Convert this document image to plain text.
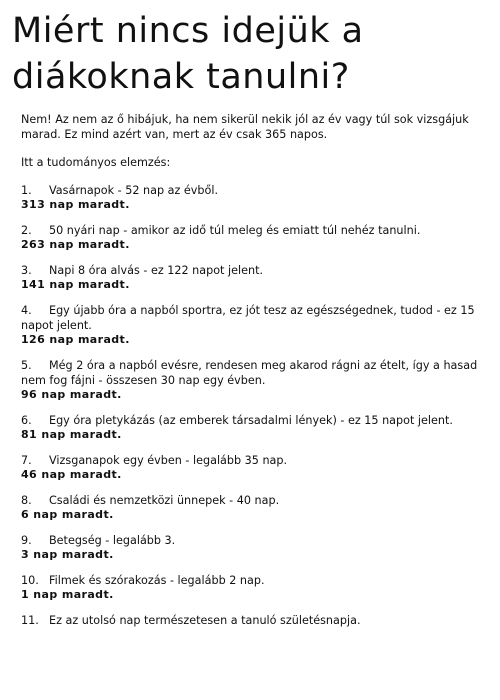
Miért nincs idejük a
diákoknak tanulni?

Nem! Az nem az ő hibájuk, ha nem sikerül nekik jól az év vagy túl sok vizsgájuk marad. Ez mind azért van, mert az év csak 365 napos.

Itt a tudományos elemzés:

1. Vasárnapok - 52 nap az évből.
313 nap maradt.
2. 50 nyári nap - amikor az idő túl meleg és emiatt túl nehéz tanulni.
263 nap maradt.
3. Napi 8 óra alvás - ez 122 napot jelent.
141 nap maradt.
4. Egy újabb óra a napból sportra, ez jót tesz az egészségednek, tudod - ez 15 napot jelent.
126 nap maradt.
5. Még 2 óra a napból evésre, rendesen meg akarod rágni az ételt, így a hasad nem fog fájni - összesen 30 nap egy évben.
96 nap maradt.
6. Egy óra pletykázás (az emberek társadalmi lények) - ez 15 napot jelent.
81 nap maradt.
7. Vizsganapok egy évben - legalább 35 nap.
46 nap maradt.
8. Családi és nemzetközi ünnepek - 40 nap.
6 nap maradt.
9. Betegség - legalább 3.
3 nap maradt.
10. Filmek és szórakozás - legalább 2 nap.
1 nap maradt.
11. Ez az utolsó nap természetesen a tanuló születésnapja.
